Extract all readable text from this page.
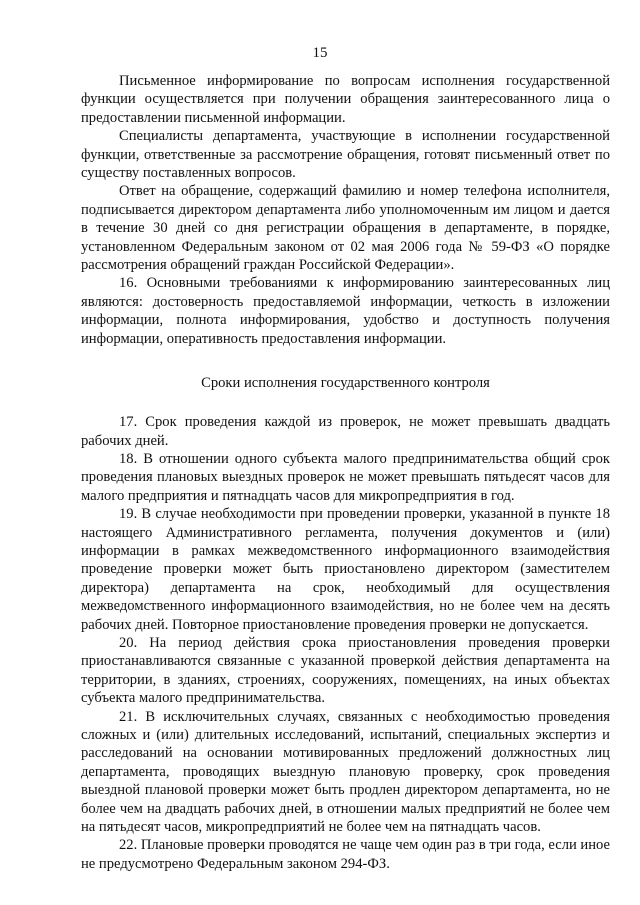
15

Письменное информирование по вопросам исполнения государственной функции осуществляется при получении обращения заинтересованного лица о предоставлении письменной информации.

Специалисты департамента, участвующие в исполнении государственной функции, ответственные за рассмотрение обращения, готовят письменный ответ по существу поставленных вопросов.

Ответ на обращение, содержащий фамилию и номер телефона исполнителя, подписывается директором департамента либо уполномоченным им лицом и дается в течение 30 дней со дня регистрации обращения в департаменте, в порядке, установленном Федеральным законом от 02 мая 2006 года № 59-ФЗ «О порядке рассмотрения обращений граждан Российской Федерации».

16. Основными требованиями к информированию заинтересованных лиц являются: достоверность предоставляемой информации, четкость в изложении информации, полнота информирования, удобство и доступность получения информации, оперативность предоставления информации.

Сроки исполнения государственного контроля

17. Срок проведения каждой из проверок, не может превышать двадцать рабочих дней.

18. В отношении одного субъекта малого предпринимательства общий срок проведения плановых выездных проверок не может превышать пятьдесят часов для малого предприятия и пятнадцать часов для микропредприятия в год.

19. В случае необходимости при проведении проверки, указанной в пункте 18 настоящего Административного регламента, получения документов и (или) информации в рамках межведомственного информационного взаимодействия проведение проверки может быть приостановлено директором (заместителем директора) департамента на срок, необходимый для осуществления межведомственного информационного взаимодействия, но не более чем на десять рабочих дней. Повторное приостановление проведения проверки не допускается.

20. На период действия срока приостановления проведения проверки приостанавливаются связанные с указанной проверкой действия департамента на территории, в зданиях, строениях, сооружениях, помещениях, на иных объектах субъекта малого предпринимательства.

21. В исключительных случаях, связанных с необходимостью проведения сложных и (или) длительных исследований, испытаний, специальных экспертиз и расследований на основании мотивированных предложений должностных лиц департамента, проводящих выездную плановую проверку, срок проведения выездной плановой проверки может быть продлен директором департамента, но не более чем на двадцать рабочих дней, в отношении малых предприятий не более чем на пятьдесят часов, микропредприятий не более чем на пятнадцать часов.

22. Плановые проверки проводятся не чаще чем один раз в три года, если иное не предусмотрено Федеральным законом 294-ФЗ.
